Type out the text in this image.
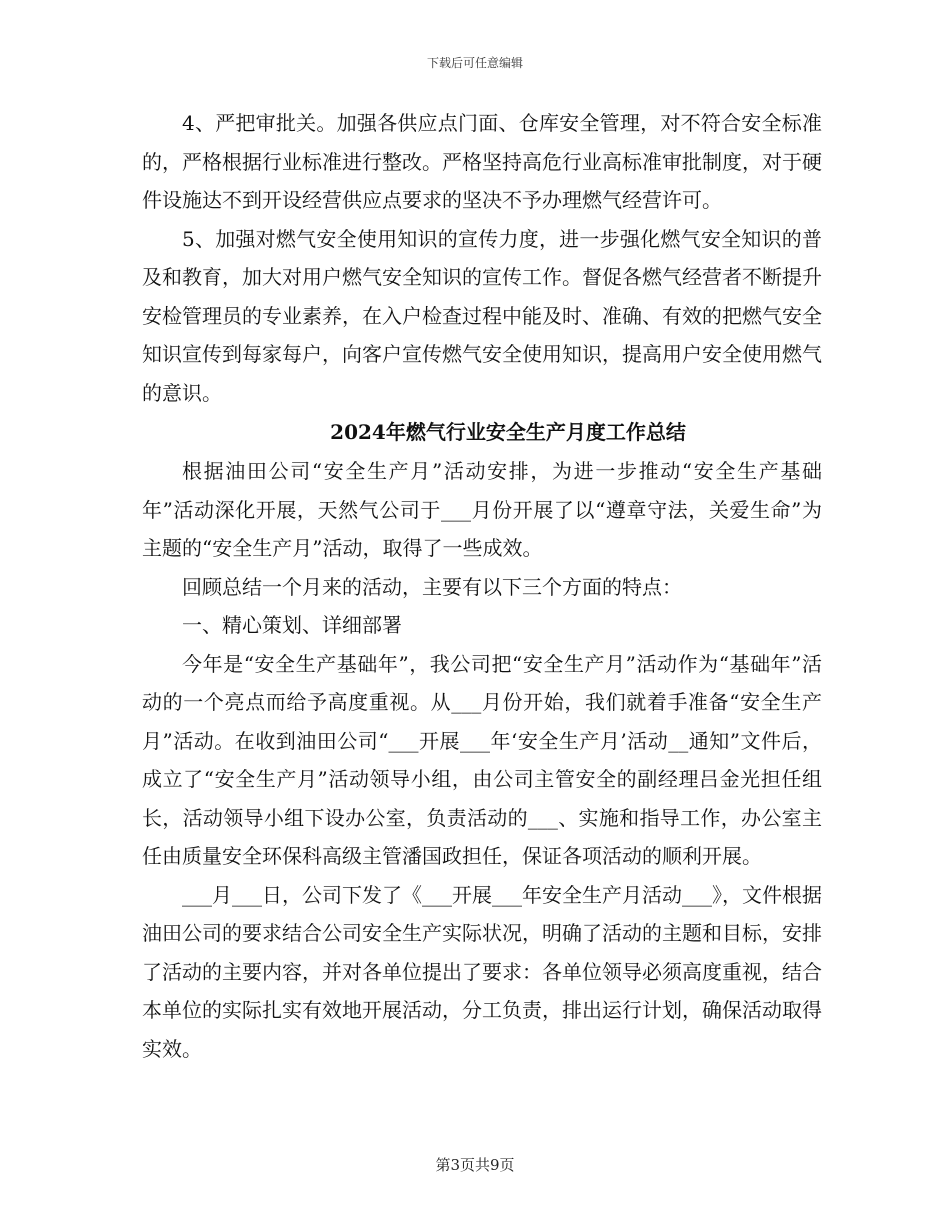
下载后可任意编辑

4、严把审批关。加强各供应点门面、仓库安全管理，对不符合安全标准的，严格根据行业标准进行整改。严格坚持高危行业高标准审批制度，对于硬件设施达不到开设经营供应点要求的坚决不予办理燃气经营许可。

5、加强对燃气安全使用知识的宣传力度，进一步强化燃气安全知识的普及和教育，加大对用户燃气安全知识的宣传工作。督促各燃气经营者不断提升安检管理员的专业素养，在入户检查过程中能及时、准确、有效的把燃气安全知识宣传到每家每户，向客户宣传燃气安全使用知识，提高用户安全使用燃气的意识。

2024年燃气行业安全生产月度工作总结

根据油田公司“安全生产月”活动安排，为进一步推动“安全生产基础年”活动深化开展，天然气公司于___月份开展了以“遵章守法，关爱生命”为主题的“安全生产月”活动，取得了一些成效。

回顾总结一个月来的活动，主要有以下三个方面的特点：

一、精心策划、详细部署

今年是“安全生产基础年”，我公司把“安全生产月”活动作为“基础年”活动的一个亮点而给予高度重视。从___月份开始，我们就着手准备“安全生产月”活动。在收到油田公司“___开展___年‘安全生产月’活动__通知”文件后，成立了“安全生产月”活动领导小组，由公司主管安全的副经理吕金光担任组长，活动领导小组下设办公室，负责活动的___、实施和指导工作，办公室主任由质量安全环保科高级主管潘国政担任，保证各项活动的顺利开展。

___月___日，公司下发了《___开展___年安全生产月活动___》，文件根据油田公司的要求结合公司安全生产实际状况，明确了活动的主题和目标，安排了活动的主要内容，并对各单位提出了要求：各单位领导必须高度重视，结合本单位的实际扎实有效地开展活动，分工负责，排出运行计划，确保活动取得实效。

第3页共9页
